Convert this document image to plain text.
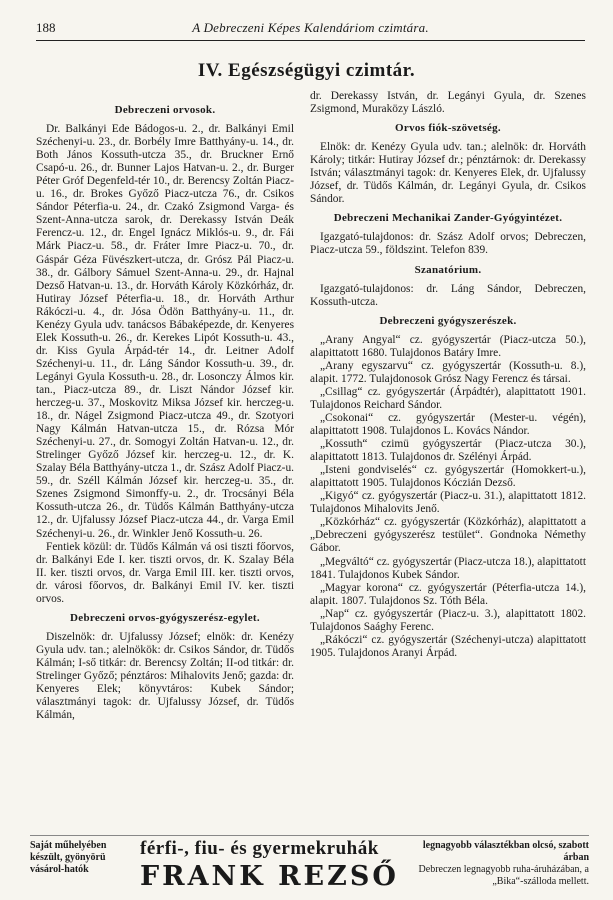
188	A Debreczeni Képes Kalendáriom czimtára.
IV. Egészségügyi czimtár.
Debreczeni orvosok.

Dr. Balkányi Ede Bádogos-u. 2., dr. Balkányi Emil Széchenyi-u. 23., dr. Borbély Imre Batthyány-u. 14., dr. Both János Kossuth-utcza 35., dr. Bruckner Ernő Csapó-u. 26., dr. Bunner Lajos Hatvan-u. 2., dr. Burger Péter Gróf Degenfeld-tér 10., dr. Berencsy Zoltán Piacz-u. 16., dr. Brokes Győző Piacz-utcza 76., dr. Csikos Sándor Péterfia-u. 24., dr. Czakó Zsigmond Varga- és Szent-Anna-utcza sarok, dr. Derekassy István Deák Ferencz-u. 12., dr. Engel Ignácz Miklós-u. 9., dr. Fái Márk Piacz-u. 58., dr. Fráter Imre Piacz-u. 70., dr. Gáspár Géza Füvészkert-utcza, dr. Grósz Pál Piacz-u. 38., dr. Gálbory Sámuel Szent-Anna-u. 29., dr. Hajnal Dezső Hatvan-u. 13., dr. Horváth Károly Közkórház, dr. Hutiray József Péterfia-u. 18., dr. Horváth Arthur Rákóczi-u. 4., dr. Jósa Ödön Batthyány-u. 11., dr. Kenézy Gyula udv. tanácsos Bábaképezde, dr. Kenyeres Elek Kossuth-u. 26., dr. Kerekes Lipót Kossuth-u. 43., dr. Kiss Gyula Árpád-tér 14., dr. Leitner Adolf Széchenyi-u. 11., dr. Láng Sándor Kossuth-u. 39., dr. Legányi Gyula Kossuth-u. 28., dr. Losonczy Álmos kir. tan., Piacz-utcza 89., dr. Liszt Nándor József kir. herczeg-u. 37., Moskovitz Miksa József kir. herczeg-u. 18., dr. Nágel Zsigmond Piacz-utcza 49., dr. Szotyori Nagy Kálmán Hatvan-utcza 15., dr. Rózsa Mór Széchenyi-u. 27., dr. Somogyi Zoltán Hatvan-u. 12., dr. Strelinger Győző József kir. herczeg-u. 12., dr. K. Szalay Béla Batthyány-utcza 1., dr. Szász Adolf Piacz-u. 59., dr. Széll Kálmán József kir. herczeg-u. 35., dr. Szenes Zsigmond Simonffy-u. 2., dr. Trocsányi Béla Kossuth-utcza 26., dr. Tüdős Kálmán Batthyány-utcza 12., dr. Ujfalussy József Piacz-utcza 44., dr. Varga Emil Széchenyi-u. 26., dr. Winkler Jenő Kossuth-u. 26.

Fentiek közül: dr. Tüdős Kálmán vá osi tiszti főorvos, dr. Balkányi Ede I. ker. tiszti orvos, dr. K. Szalay Béla II. ker. tiszti orvos, dr. Varga Emil III. ker. tiszti orvos, dr. városi főorvos, dr. Balkányi Emil IV. ker. tiszti orvos.

Debreczeni orvos-gyógyszerész-egylet.

Diszelnök: dr. Ujfalussy József; elnök: dr. Kenézy Gyula udv. tan.; alelnökök: dr. Csikos Sándor, dr. Tüdős Kálmán; I-ső titkár: dr. Berencsy Zoltán; II-od titkár: dr. Strelinger Győző; pénztáros: Mihalovits Jenő; gazda: dr. Kenyeres Elek; könyvtáros: Kubek Sándor; választmányi tagok: dr. Ujfalussy József, dr. Tüdős Kálmán,

dr. Derekassy István, dr. Legányi Gyula, dr. Szenes Zsigmond, Muraközy László.

Orvos fiók-szövetség.

Elnök: dr. Kenézy Gyula udv. tan.; alelnök: dr. Horváth Károly; titkár: Hutiray József dr.; pénztárnok: dr. Derekassy István; választmányi tagok: dr. Kenyeres Elek, dr. Ujfalussy József, dr. Tüdős Kálmán, dr. Legányi Gyula, dr. Csikos Sándor.

Debreczeni Mechanikai Zander-Gyógyintézet.

Igazgató-tulajdonos: dr. Szász Adolf orvos; Debreczen, Piacz-utcza 59., földszint. Telefon 839.

Szanatórium.

Igazgató-tulajdonos: dr. Láng Sándor, Debreczen, Kossuth-utcza.

Debreczeni gyógyszerészek.

„Arany Angyal“ cz. gyógyszertár (Piacz-utcza 50.), alapittatott 1680. Tulajdonos Batáry Imre.

„Arany egyszarvu“ cz. gyógyszertár (Kossuth-u. 8.), alapit. 1772. Tulajdonosok Grósz Nagy Ferencz és társai.

„Csillag“ cz. gyógyszertár (Árpádtér), alapittatott 1901. Tulajdonos Reichard Sándor.

„Csokonai“ cz. gyógyszertár (Mester-u. végén), alapittatott 1908. Tulajdonos L. Kovács Nándor.

„Kossuth“ czimü gyógyszertár (Piacz-utcza 30.), alapittatott 1813. Tulajdonos dr. Szélényi Árpád.

„Isteni gondviselés“ cz. gyógyszertár (Homokkert-u.), alapittatott 1905. Tulajdonos Kóczián Dezső.

„Kigyó“ cz. gyógyszertár (Piacz-u. 31.), alapittatott 1812. Tulajdonos Mihalovits Jenő.

„Közkórház“ cz. gyógyszertár (Közkórház), alapittatott a „Debreczeni gyógyszerész testület“. Gondnoka Némethy Gábor.

„Megváltó“ cz. gyógyszertár (Piacz-utcza 18.), alapittatott 1841. Tulajdonos Kubek Sándor.

„Magyar korona“ cz. gyógyszertár (Péterfia-utcza 14.), alapit. 1807. Tulajdonos Sz. Tóth Béla.

„Nap“ cz. gyógyszertár (Piacz-u. 3.), alapittatott 1802. Tulajdonos Saághy Ferenc.

„Rákóczi“ cz. gyógyszertár (Széchenyi-utcza) alapittatott 1905. Tulajdonos Aranyi Árpád.

Saját műhelyében készült, gyönyörü vásárol-hatók
férfi-, fiu- és gyermekruhák
FRANK REZSŐ
legnagyobb választékban olcsó, szabott árban
Debreczen legnagyobb ruha-áruházában, a „Bika“-szálloda mellett.
